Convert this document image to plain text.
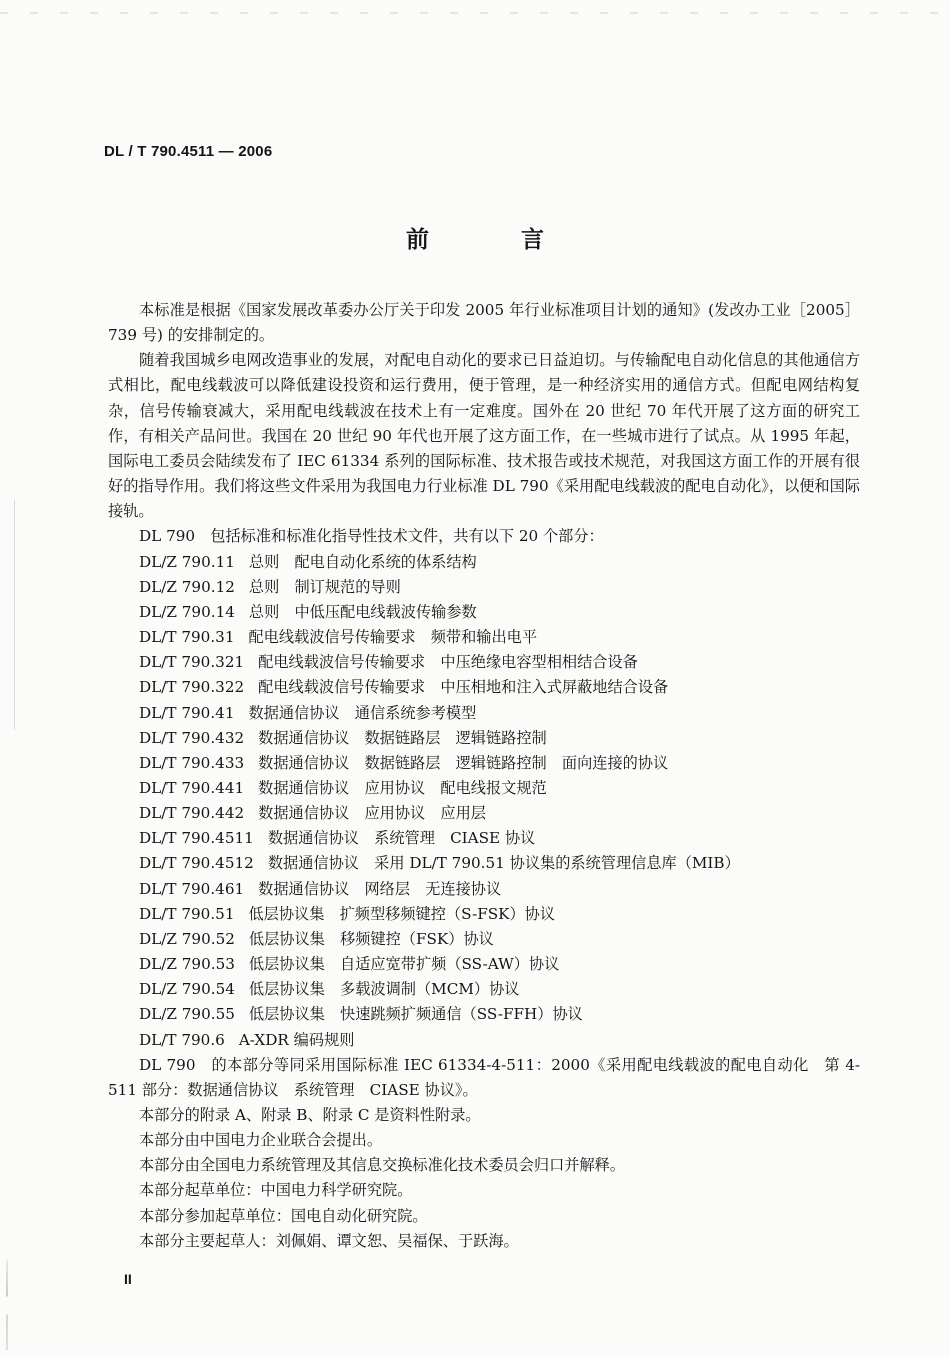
DL / T 790.4511 — 2006

前 言

本标准是根据《国家发展改革委办公厅关于印发 2005 年行业标准项目计划的通知》(发改办工业［2005］739 号) 的安排制定的。

随着我国城乡电网改造事业的发展，对配电自动化的要求已日益迫切。与传输配电自动化信息的其他通信方式相比，配电线载波可以降低建设投资和运行费用，便于管理，是一种经济实用的通信方式。但配电网结构复杂，信号传输衰减大，采用配电线载波在技术上有一定难度。国外在 20 世纪 70 年代开展了这方面的研究工作，有相关产品问世。我国在 20 世纪 90 年代也开展了这方面工作，在一些城市进行了试点。从 1995 年起，国际电工委员会陆续发布了 IEC 61334 系列的国际标准、技术报告或技术规范，对我国这方面工作的开展有很好的指导作用。我们将这些文件采用为我国电力行业标准 DL 790《采用配电线载波的配电自动化》，以便和国际接轨。

DL 790　包括标准和标准化指导性技术文件，共有以下 20 个部分：

DL/Z 790.11 总则　配电自动化系统的体系结构

DL/Z 790.12 总则　制订规范的导则

DL/Z 790.14 总则　中低压配电线载波传输参数

DL/T 790.31 配电线载波信号传输要求　频带和输出电平

DL/T 790.321 配电线载波信号传输要求　中压绝缘电容型相相结合设备

DL/T 790.322 配电线载波信号传输要求　中压相地和注入式屏蔽地结合设备

DL/T 790.41 数据通信协议　通信系统参考模型

DL/T 790.432 数据通信协议　数据链路层　逻辑链路控制

DL/T 790.433 数据通信协议　数据链路层　逻辑链路控制　面向连接的协议

DL/T 790.441 数据通信协议　应用协议　配电线报文规范

DL/T 790.442 数据通信协议　应用协议　应用层

DL/T 790.4511 数据通信协议　系统管理　CIASE 协议

DL/T 790.4512 数据通信协议　采用 DL/T 790.51 协议集的系统管理信息库（MIB）

DL/T 790.461 数据通信协议　网络层　无连接协议

DL/T 790.51 低层协议集　扩频型移频键控（S-FSK）协议

DL/Z 790.52 低层协议集　移频键控（FSK）协议

DL/Z 790.53 低层协议集　自适应宽带扩频（SS-AW）协议

DL/Z 790.54 低层协议集　多载波调制（MCM）协议

DL/Z 790.55 低层协议集　快速跳频扩频通信（SS-FFH）协议

DL/T 790.6 A-XDR 编码规则

DL 790　的本部分等同采用国际标准 IEC 61334-4-511：2000《采用配电线载波的配电自动化　第 4-511 部分：数据通信协议　系统管理　CIASE 协议》。

本部分的附录 A、附录 B、附录 C 是资料性附录。

本部分由中国电力企业联合会提出。

本部分由全国电力系统管理及其信息交换标准化技术委员会归口并解释。

本部分起草单位：中国电力科学研究院。

本部分参加起草单位：国电自动化研究院。

本部分主要起草人：刘佩娟、谭文恕、吴福保、于跃海。

II
